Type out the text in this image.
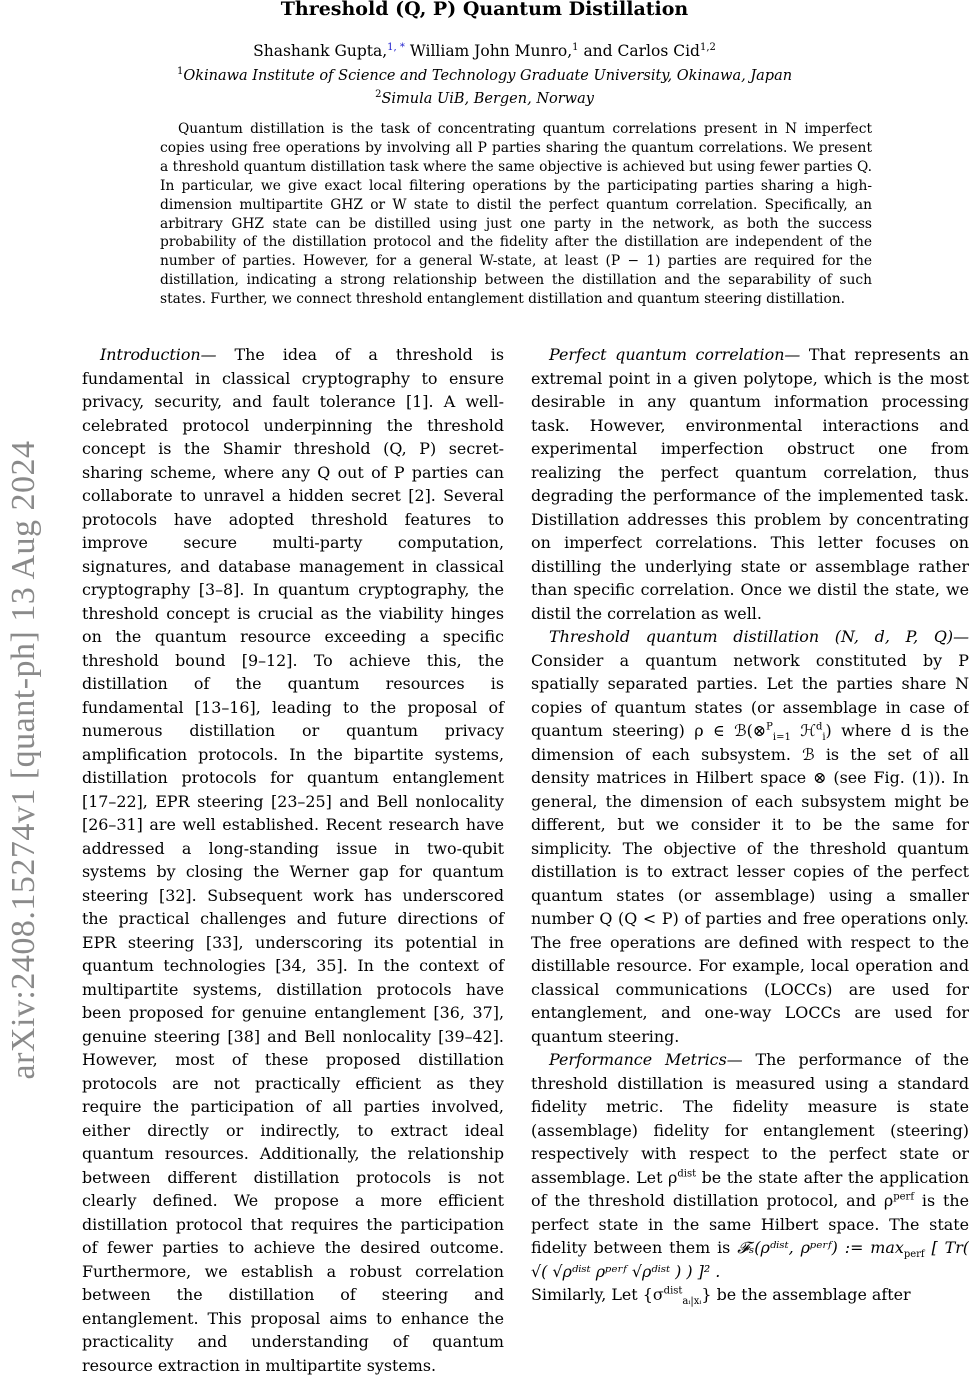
arXiv:2408.15274v1 [quant-ph] 13 Aug 2024
Threshold (Q, P) Quantum Distillation
Shashank Gupta,$^{1, *}$ William John Munro,$^1$ and Carlos Cid$^{1,2}$
$^1$Okinawa Institute of Science and Technology Graduate University, Okinawa, Japan
$^2$Simula UiB, Bergen, Norway

Quantum distillation is the task of concentrating quantum correlations present in N imperfect copies using free operations by involving all P parties sharing the quantum correlations. We present a threshold quantum distillation task where the same objective is achieved but using fewer parties Q. In particular, we give exact local filtering operations by the participating parties sharing a high-dimension multipartite GHZ or W state to distil the perfect quantum correlation. Specifically, an arbitrary GHZ state can be distilled using just one party in the network, as both the success probability of the distillation protocol and the fidelity after the distillation are independent of the number of parties. However, for a general W-state, at least (P − 1) parties are required for the distillation, indicating a strong relationship between the distillation and the separability of such states. Further, we connect threshold entanglement distillation and quantum steering distillation.

Introduction— The idea of a threshold is fundamental in classical cryptography to ensure privacy, security, and fault tolerance [1]. A well-celebrated protocol underpinning the threshold concept is the Shamir threshold (Q, P) secret-sharing scheme, where any Q out of P parties can collaborate to unravel a hidden secret [2]. Several protocols have adopted threshold features to improve secure multi-party computation, signatures, and database management in classical cryptography [3–8]. In quantum cryptography, the threshold concept is crucial as the viability hinges on the quantum resource exceeding a specific threshold bound [9–12]. To achieve this, the distillation of the quantum resources is fundamental [13–16], leading to the proposal of numerous distillation or quantum privacy amplification protocols. In the bipartite systems, distillation protocols for quantum entanglement [17–22], EPR steering [23–25] and Bell nonlocality [26–31] are well established. Recent research have addressed a long-standing issue in two-qubit systems by closing the Werner gap for quantum steering [32]. Subsequent work has underscored the practical challenges and future directions of EPR steering [33], underscoring its potential in quantum technologies [34, 35]. In the context of multipartite systems, distillation protocols have been proposed for genuine entanglement [36, 37], genuine steering [38] and Bell nonlocality [39–42]. However, most of these proposed distillation protocols are not practically efficient as they require the participation of all parties involved, either directly or indirectly, to extract ideal quantum resources. Additionally, the relationship between different distillation protocols is not clearly defined. We propose a more efficient distillation protocol that requires the participation of fewer parties to achieve the desired outcome. Furthermore, we establish a robust correlation between the distillation of steering and entanglement. This proposal aims to enhance the practicality and understanding of quantum resource extraction in multipartite systems.

Perfect quantum correlation— That represents an extremal point in a given polytope, which is the most desirable in any quantum information processing task. However, environmental interactions and experimental imperfection obstruct one from realizing the perfect quantum correlation, thus degrading the performance of the implemented task. Distillation addresses this problem by concentrating on imperfect correlations. This letter focuses on distilling the underlying state or assemblage rather than specific correlation. Once we distil the state, we distil the correlation as well.

Threshold quantum distillation (N, d, P, Q)— Consider a quantum network constituted by P spatially separated parties. Let the parties share N copies of quantum states (or assemblage in case of quantum steering) ρ ∈ ℬ(⊗$^P_{i=1}$ ℋ$^d_i$) where d is the dimension of each subsystem. ℬ is the set of all density matrices in Hilbert space ⊗ (see Fig. (1)). In general, the dimension of each subsystem might be different, but we consider it to be the same for simplicity. The objective of the threshold quantum distillation is to extract lesser copies of the perfect quantum states (or assemblage) using a smaller number Q (Q < P) of parties and free operations only. The free operations are defined with respect to the distillable resource. For example, local operation and classical communications (LOCCs) are used for entanglement, and one-way LOCCs are used for quantum steering.

Performance Metrics— The performance of the threshold distillation is measured using a standard fidelity metric. The fidelity measure is state (assemblage) fidelity for entanglement (steering) respectively with respect to the perfect state or assemblage. Let $\rho^{dist}$ be the state after the application of the threshold distillation protocol, and $\rho^{perf}$ is the perfect state in the same Hilbert space. The state fidelity between them is 𝓕ₛ(ρᵈⁱˢᵗ, ρᵖᵉʳᶠ) := $\max_{perf}$ [ Tr( √( √ρᵈⁱˢᵗ ρᵖᵉʳᶠ √ρᵈⁱˢᵗ ) ) ]² .

Similarly, Let $\{\sigma^{dist}_{aᵢ|xᵢ}\}$ be the assemblage after
